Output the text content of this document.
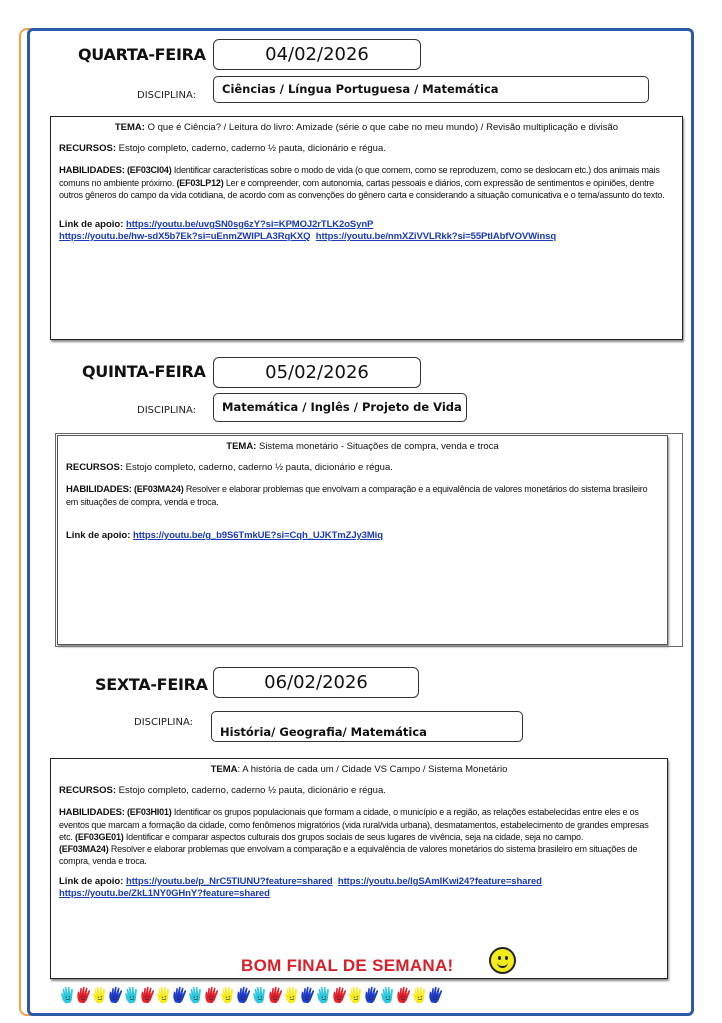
QUARTA-FEIRA	04/02/2026
DISCIPLINA:	Ciências / Língua Portuguesa / Matemática
TEMA: O que é Ciência? / Leitura do livro: Amizade (série o que cabe no meu mundo) / Revisão multiplicação e divisão
RECURSOS: Estojo completo, caderno, caderno ½ pauta, dicionário e régua.
HABILIDADES: (EF03CI04) Identificar características sobre o modo de vida (o que comem, como se reproduzem, como se deslocam etc.) dos animais mais comuns no ambiente próximo. (EF03LP12) Ler e compreender, com autonomia, cartas pessoais e diários, com expressão de sentimentos e opiniões, dentre outros gêneros do campo da vida cotidiana, de acordo com as convenções do gênero carta e considerando a situação comunicativa e o tema/assunto do texto.
Link de apoio: https://youtu.be/uvgSN0sg6zY?si=KPMOJ2rTLK2oSynP
https://youtu.be/hw-sdX5b7Ek?si=uEnmZWIPLA3RqKXQ https://youtu.be/nmXZiVVLRkk?si=55PtlAbfVOVWinsq
QUINTA-FEIRA	05/02/2026
DISCIPLINA:	Matemática / Inglês / Projeto de Vida
TEMA: Sistema monetário - Situações de compra, venda e troca
RECURSOS: Estojo completo, caderno, caderno ½ pauta, dicionário e régua.
HABILIDADES: (EF03MA24) Resolver e elaborar problemas que envolvam a comparação e a equivalência de valores monetários do sistema brasileiro em situações de compra, venda e troca.
Link de apoio: https://youtu.be/g_b9S6TmkUE?si=Cqh_UJKTmZJy3Miq
SEXTA-FEIRA	06/02/2026
DISCIPLINA:
História/ Geografia/ Matemática
TEMA: A história de cada um / Cidade VS Campo / Sistema Monetário
RECURSOS: Estojo completo, caderno, caderno ½ pauta, dicionário e régua.
HABILIDADES: (EF03HI01) Identificar os grupos populacionais que formam a cidade, o município e a região, as relações estabelecidas entre eles e os eventos que marcam a formação da cidade, como fenômenos migratórios (vida rural/vida urbana), desmatamentos, estabelecimento de grandes empresas etc. (EF03GE01) Identificar e comparar aspectos culturais dos grupos sociais de seus lugares de vivência, seja na cidade, seja no campo.
(EF03MA24) Resolver e elaborar problemas que envolvam a comparação e a equivalência de valores monetários do sistema brasileiro em situações de compra, venda e troca.
Link de apoio: https://youtu.be/p_NrC5TIUNU?feature=shared https://youtu.be/lgSAmIKwi24?feature=shared
https://youtu.be/ZkL1NY0GHnY?feature=shared
BOM FINAL DE SEMANA!
